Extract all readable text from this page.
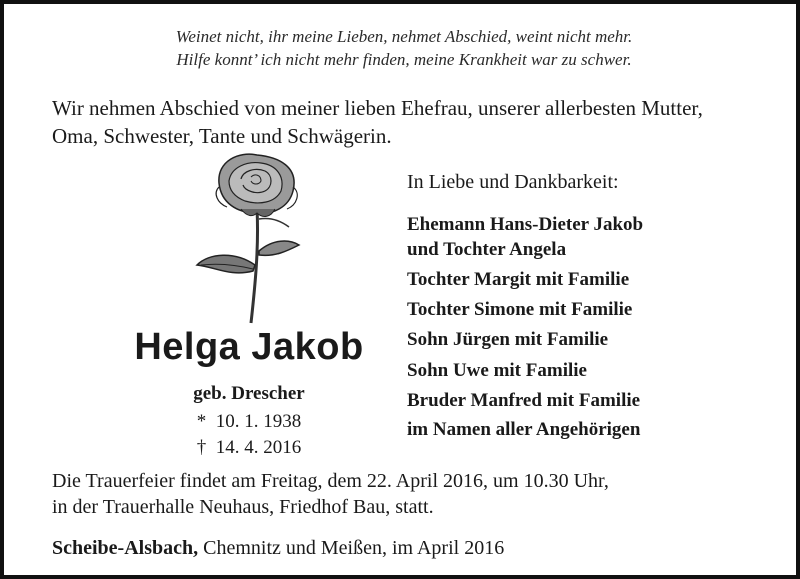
Weinet nicht, ihr meine Lieben, nehmet Abschied, weint nicht mehr.
Hilfe konnt’ ich nicht mehr finden, meine Krankheit war zu schwer.
Wir nehmen Abschied von meiner lieben Ehefrau, unserer allerbesten Mutter,
Oma, Schwester, Tante und Schwägerin.
Helga Jakob
geb. Drescher
* 10. 1. 1938
† 14. 4. 2016
In Liebe und Dankbarkeit:
Ehemann Hans-Dieter Jakob
und Tochter Angela
Tochter Margit mit Familie
Tochter Simone mit Familie
Sohn Jürgen mit Familie
Sohn Uwe mit Familie
Bruder Manfred mit Familie
im Namen aller Angehörigen
Die Trauerfeier findet am Freitag, dem 22. April 2016, um 10.30 Uhr,
in der Trauerhalle Neuhaus, Friedhof Bau, statt.
Scheibe-Alsbach, Chemnitz und Meißen, im April 2016
